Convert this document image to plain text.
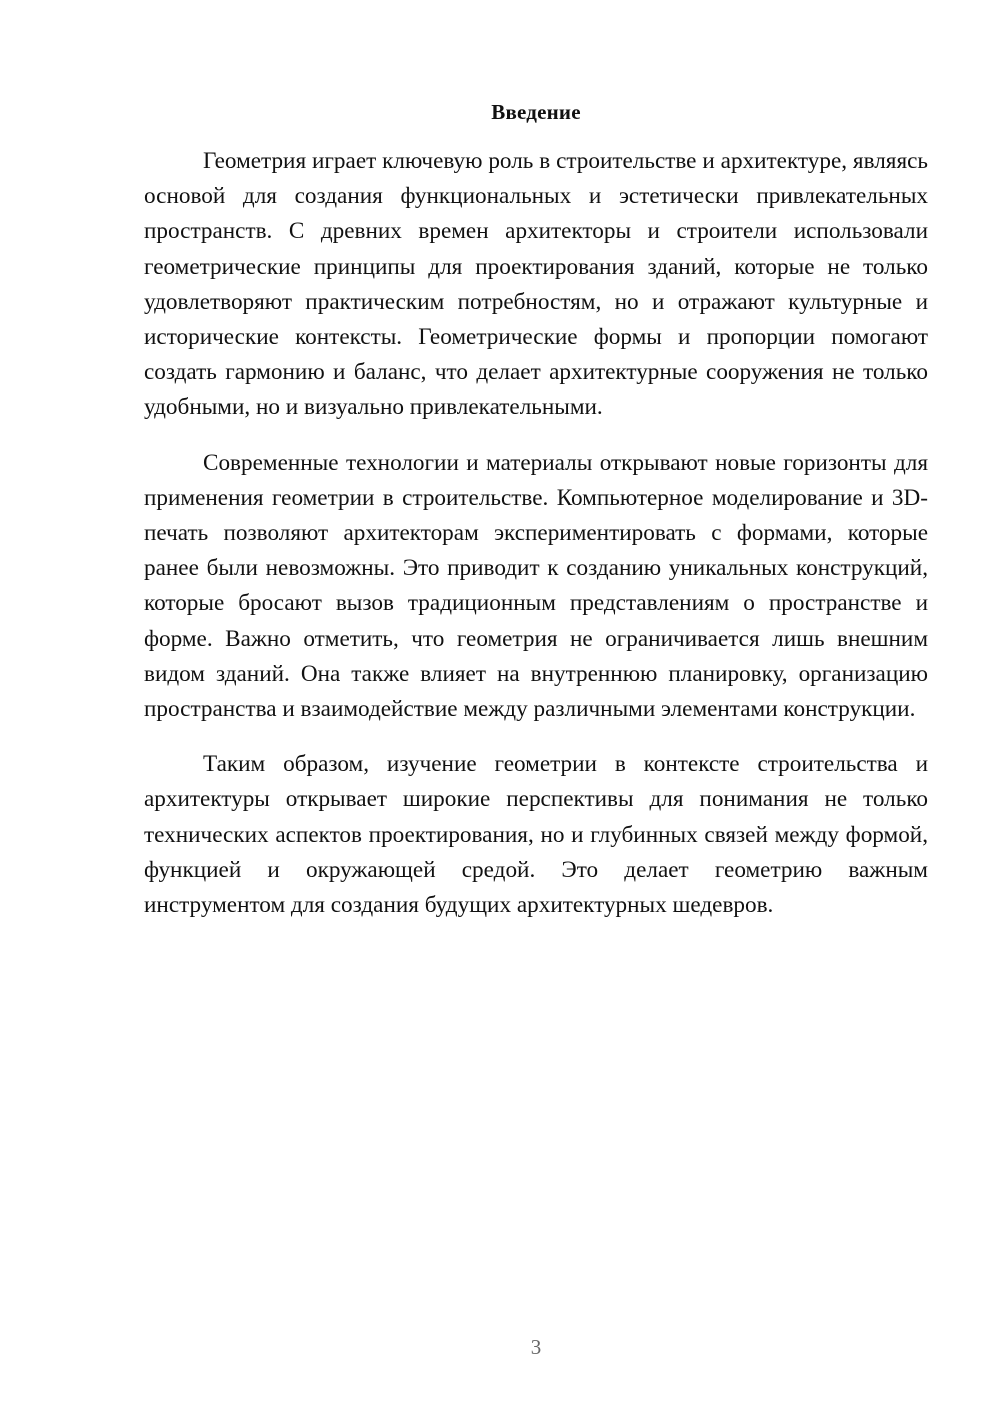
Введение

Геометрия играет ключевую роль в строительстве и архитектуре, являясь основой для создания функциональных и эстетически привлекательных пространств. С древних времен архитекторы и строители использовали геометрические принципы для проектирования зданий, которые не только удовлетворяют практическим потребностям, но и отражают культурные и исторические контексты. Геометрические формы и пропорции помогают создать гармонию и баланс, что делает архитектурные сооружения не только удобными, но и визуально привлекательными.

Современные технологии и материалы открывают новые горизонты для применения геометрии в строительстве. Компьютерное моделирование и 3D-печать позволяют архитекторам экспериментировать с формами, которые ранее были невозможны. Это приводит к созданию уникальных конструкций, которые бросают вызов традиционным представлениям о пространстве и форме. Важно отметить, что геометрия не ограничивается лишь внешним видом зданий. Она также влияет на внутреннюю планировку, организацию пространства и взаимодействие между различными элементами конструкции.

Таким образом, изучение геометрии в контексте строительства и архитектуры открывает широкие перспективы для понимания не только технических аспектов проектирования, но и глубинных связей между формой, функцией и окружающей средой. Это делает геометрию важным инструментом для создания будущих архитектурных шедевров.

3
